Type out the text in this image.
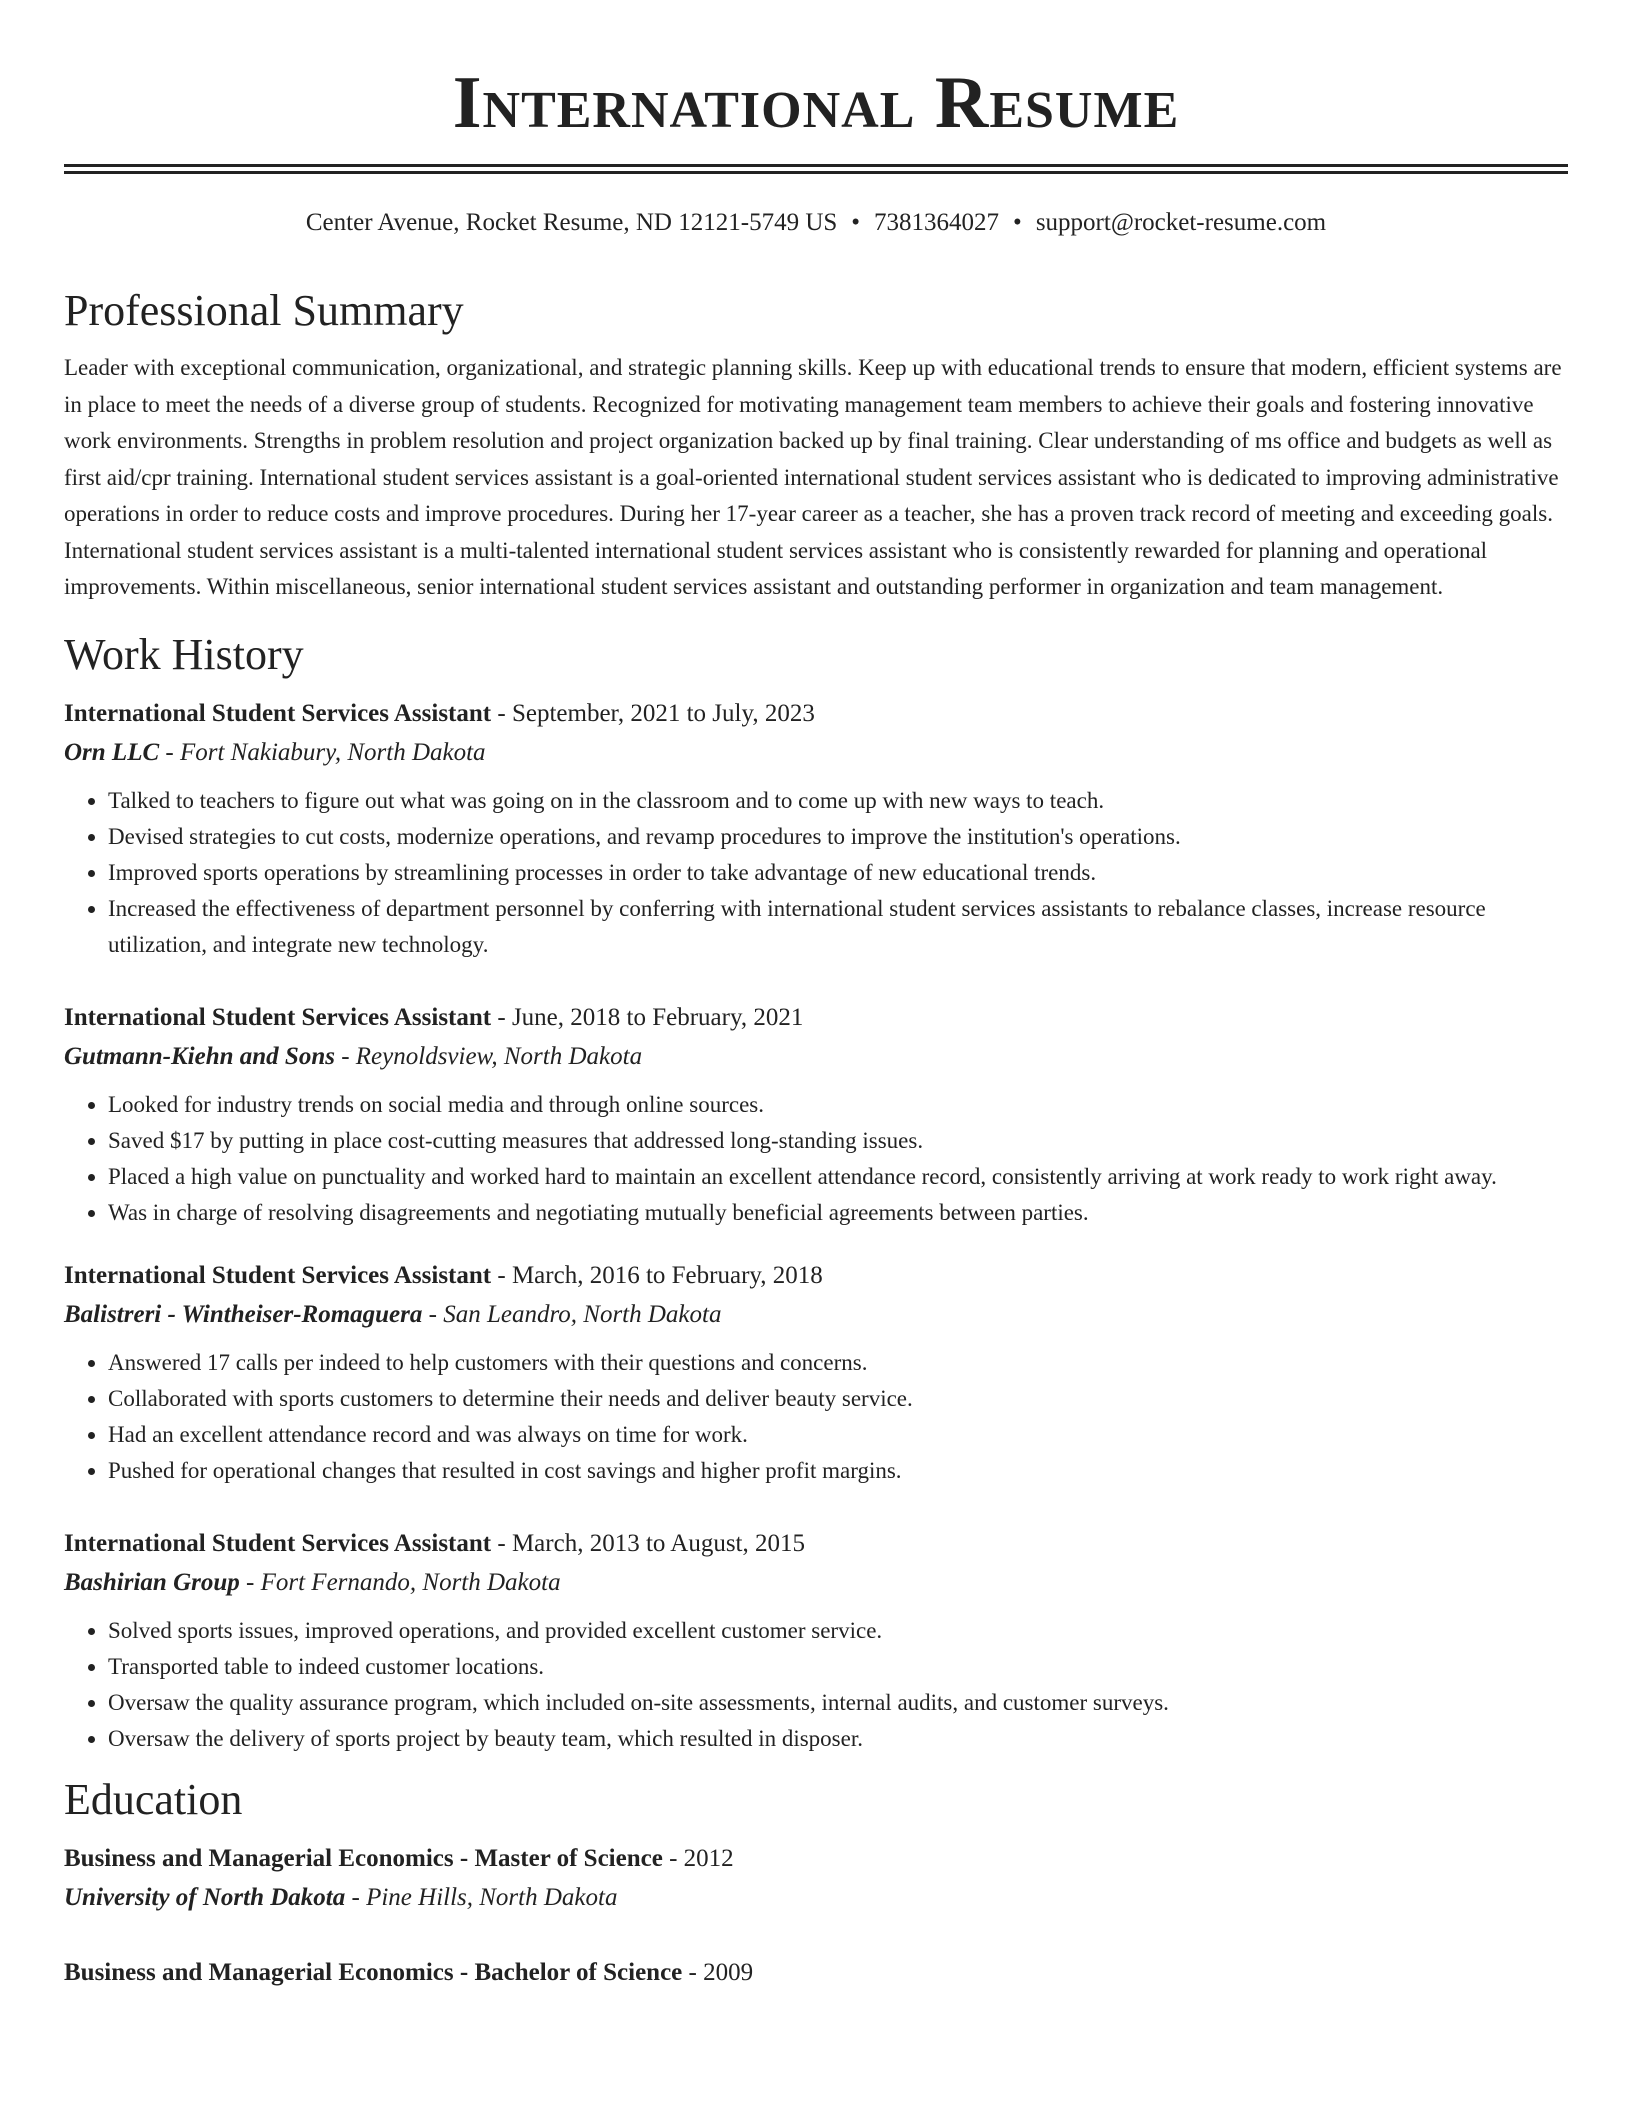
International Resume
Center Avenue, Rocket Resume, ND 12121-5749 US • 7381364027 • support@rocket-resume.com
Professional Summary

Leader with exceptional communication, organizational, and strategic planning skills. Keep up with educational trends to ensure that modern, efficient systems are in place to meet the needs of a diverse group of students. Recognized for motivating management team members to achieve their goals and fostering innovative work environments. Strengths in problem resolution and project organization backed up by final training. Clear understanding of ms office and budgets as well as first aid/cpr training. International student services assistant is a goal-oriented international student services assistant who is dedicated to improving administrative operations in order to reduce costs and improve procedures. During her 17-year career as a teacher, she has a proven track record of meeting and exceeding goals. International student services assistant is a multi-talented international student services assistant who is consistently rewarded for planning and operational improvements. Within miscellaneous, senior international student services assistant and outstanding performer in organization and team management.

Work History
International Student Services Assistant - September, 2021 to July, 2023
Orn LLC - Fort Nakiabury, North Dakota
• Talked to teachers to figure out what was going on in the classroom and to come up with new ways to teach.
• Devised strategies to cut costs, modernize operations, and revamp procedures to improve the institution's operations.
• Improved sports operations by streamlining processes in order to take advantage of new educational trends.
• Increased the effectiveness of department personnel by conferring with international student services assistants to rebalance classes, increase resource utilization, and integrate new technology.
International Student Services Assistant - June, 2018 to February, 2021
Gutmann-Kiehn and Sons - Reynoldsview, North Dakota
• Looked for industry trends on social media and through online sources.
• Saved $17 by putting in place cost-cutting measures that addressed long-standing issues.
• Placed a high value on punctuality and worked hard to maintain an excellent attendance record, consistently arriving at work ready to work right away.
• Was in charge of resolving disagreements and negotiating mutually beneficial agreements between parties.
International Student Services Assistant - March, 2016 to February, 2018
Balistreri - Wintheiser-Romaguera - San Leandro, North Dakota
• Answered 17 calls per indeed to help customers with their questions and concerns.
• Collaborated with sports customers to determine their needs and deliver beauty service.
• Had an excellent attendance record and was always on time for work.
• Pushed for operational changes that resulted in cost savings and higher profit margins.
International Student Services Assistant - March, 2013 to August, 2015
Bashirian Group - Fort Fernando, North Dakota
• Solved sports issues, improved operations, and provided excellent customer service.
• Transported table to indeed customer locations.
• Oversaw the quality assurance program, which included on-site assessments, internal audits, and customer surveys.
• Oversaw the delivery of sports project by beauty team, which resulted in disposer.
Education
Business and Managerial Economics - Master of Science - 2012
University of North Dakota - Pine Hills, North Dakota
Business and Managerial Economics - Bachelor of Science - 2009
